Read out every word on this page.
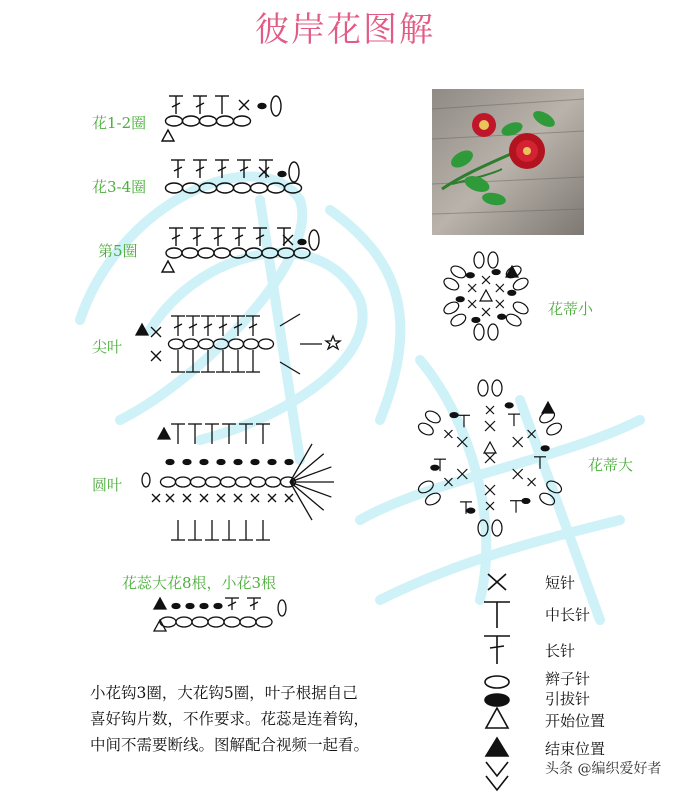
彼岸花图解
花1-2圈
花3-4圈
第5圈
尖叶
圆叶
花蕊大花8根，小花3根
花蒂小
花蒂大
小花钩3圈，大花钩5圈，叶子根据自己
喜好钩片数，不作要求。花蕊是连着钩，
中间不需要断线。图解配合视频一起看。
短针
中长针
长针
辫子针
引拔针
开始位置
结束位置
头条 @编织爱好者
